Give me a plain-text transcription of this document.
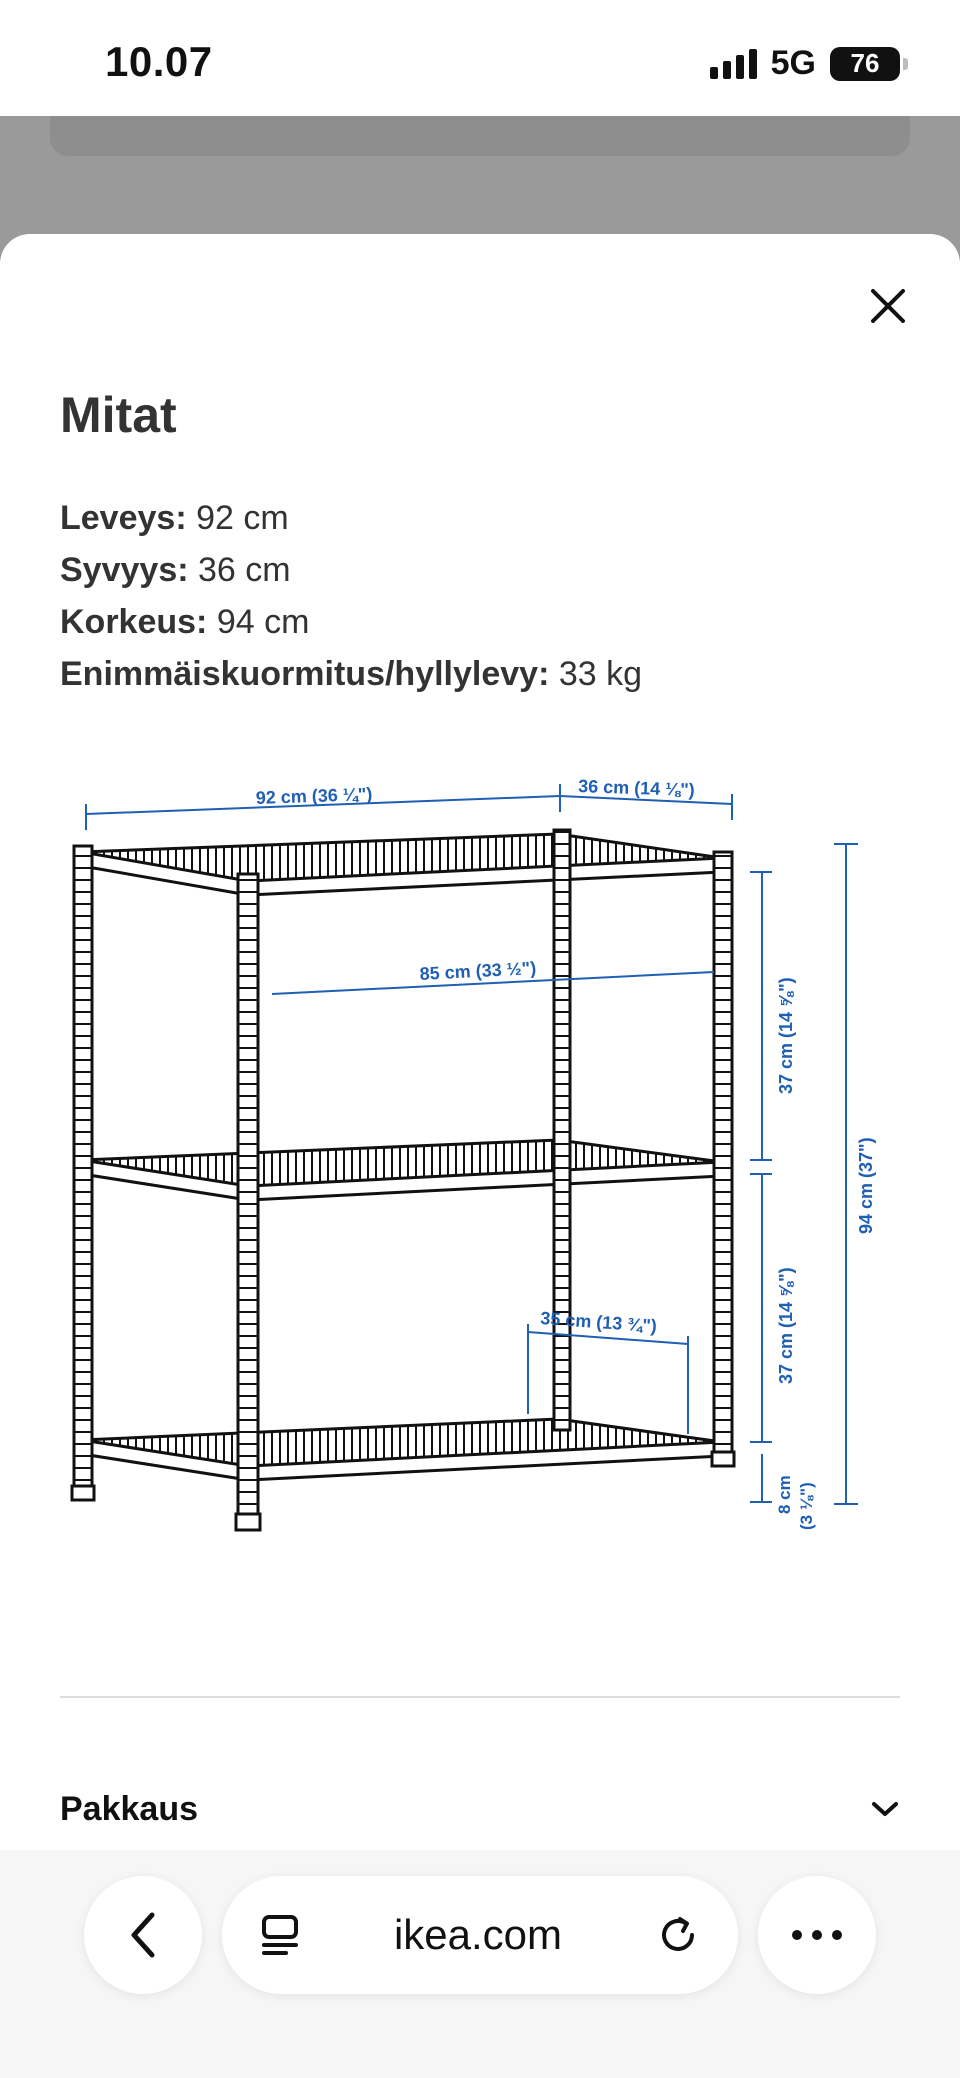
10.07	5G 76
Mitat
Leveys: 92 cm
Syvyys: 36 cm
Korkeus: 94 cm
Enimmäiskuormitus/hyllylevy: 33 kg
92 cm (36 ¼")	36 cm (14 ⅛")
85 cm (33 ½")
35 cm (13 ¾")
37 cm (14 ⅝")
37 cm (14 ⅝")
8 cm (3 ⅛")
94 cm (37")
Pakkaus
ikea.com
